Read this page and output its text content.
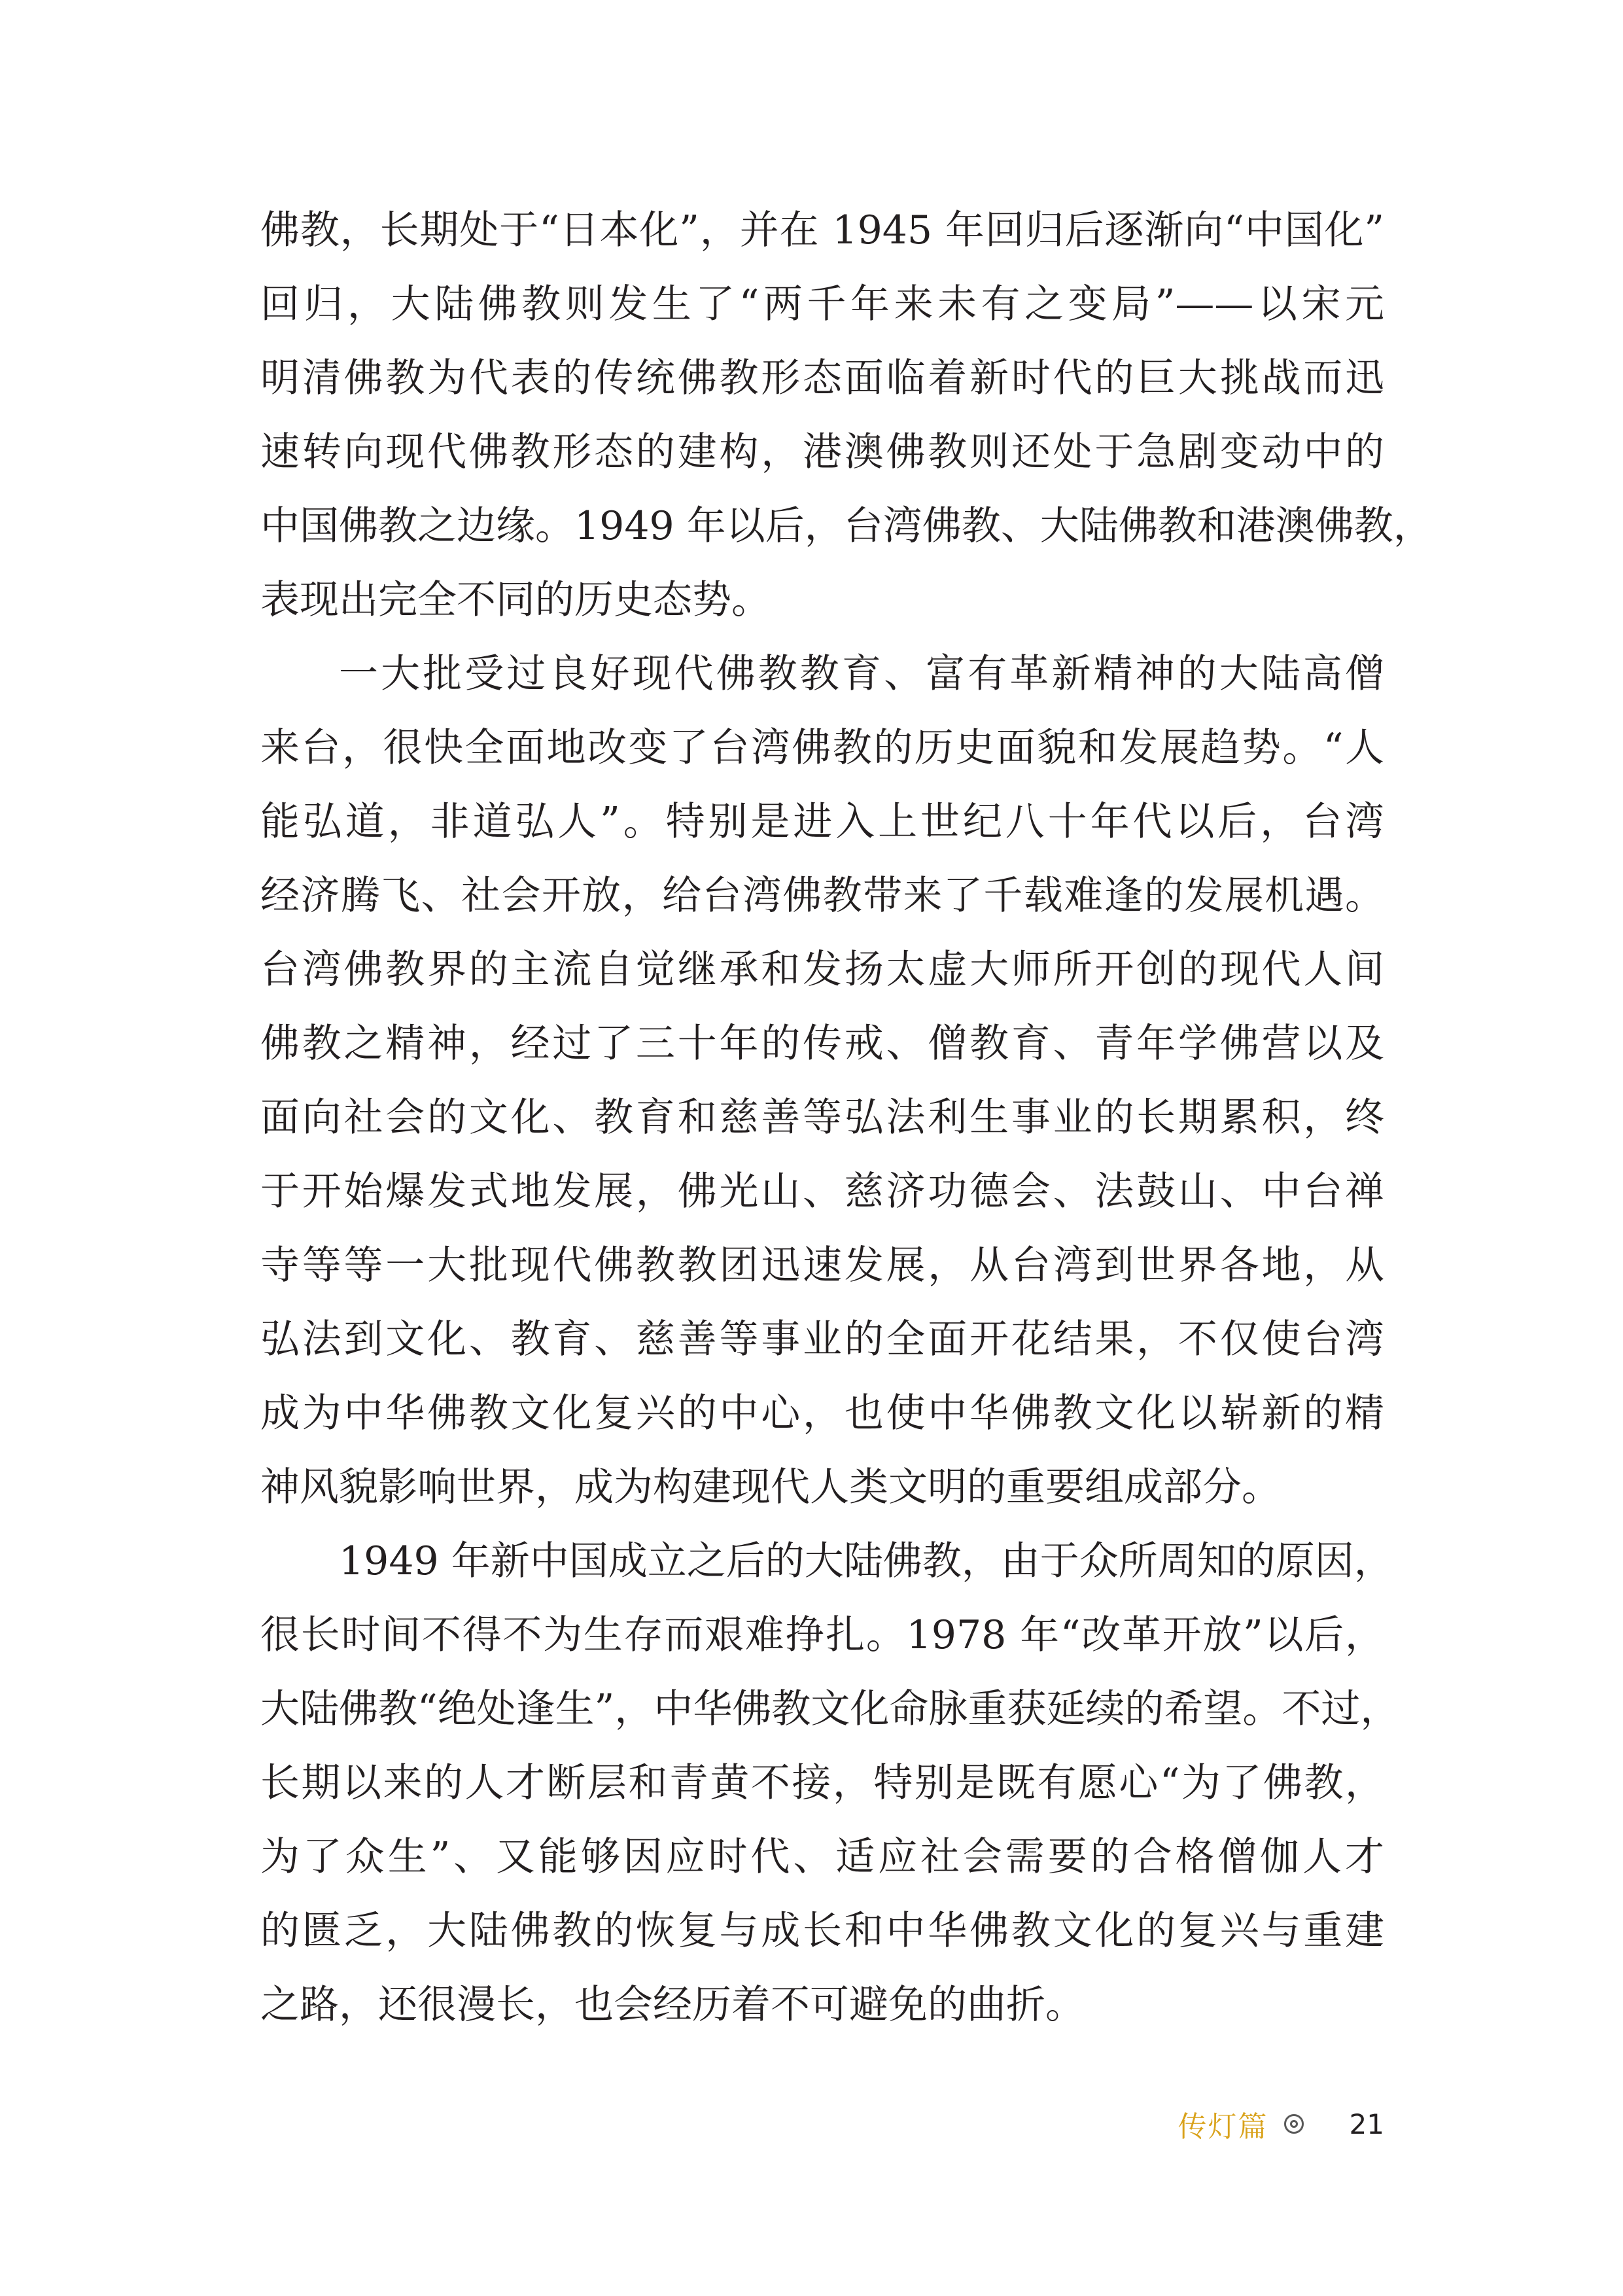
佛教，长期处于“日本化”，并在 1945 年回归后逐渐向“中国化”
回归，大陆佛教则发生了“两千年来未有之变局”——以宋元
明清佛教为代表的传统佛教形态面临着新时代的巨大挑战而迅
速转向现代佛教形态的建构，港澳佛教则还处于急剧变动中的
中国佛教之边缘。1949 年以后，台湾佛教、大陆佛教和港澳佛教，
表现出完全不同的历史态势。
一大批受过良好现代佛教教育、富有革新精神的大陆高僧
来台，很快全面地改变了台湾佛教的历史面貌和发展趋势。“人
能弘道，非道弘人”。特别是进入上世纪八十年代以后，台湾
经济腾飞、社会开放，给台湾佛教带来了千载难逢的发展机遇。
台湾佛教界的主流自觉继承和发扬太虚大师所开创的现代人间
佛教之精神，经过了三十年的传戒、僧教育、青年学佛营以及
面向社会的文化、教育和慈善等弘法利生事业的长期累积，终
于开始爆发式地发展，佛光山、慈济功德会、法鼓山、中台禅
寺等等一大批现代佛教教团迅速发展，从台湾到世界各地，从
弘法到文化、教育、慈善等事业的全面开花结果，不仅使台湾
成为中华佛教文化复兴的中心，也使中华佛教文化以崭新的精
神风貌影响世界，成为构建现代人类文明的重要组成部分。
1949 年新中国成立之后的大陆佛教，由于众所周知的原因，
很长时间不得不为生存而艰难挣扎。1978 年“改革开放”以后，
大陆佛教“绝处逢生”，中华佛教文化命脉重获延续的希望。不过，
长期以来的人才断层和青黄不接，特别是既有愿心“为了佛教，
为了众生”、又能够因应时代、适应社会需要的合格僧伽人才
的匮乏，大陆佛教的恢复与成长和中华佛教文化的复兴与重建
之路，还很漫长，也会经历着不可避免的曲折。
传灯篇	21
